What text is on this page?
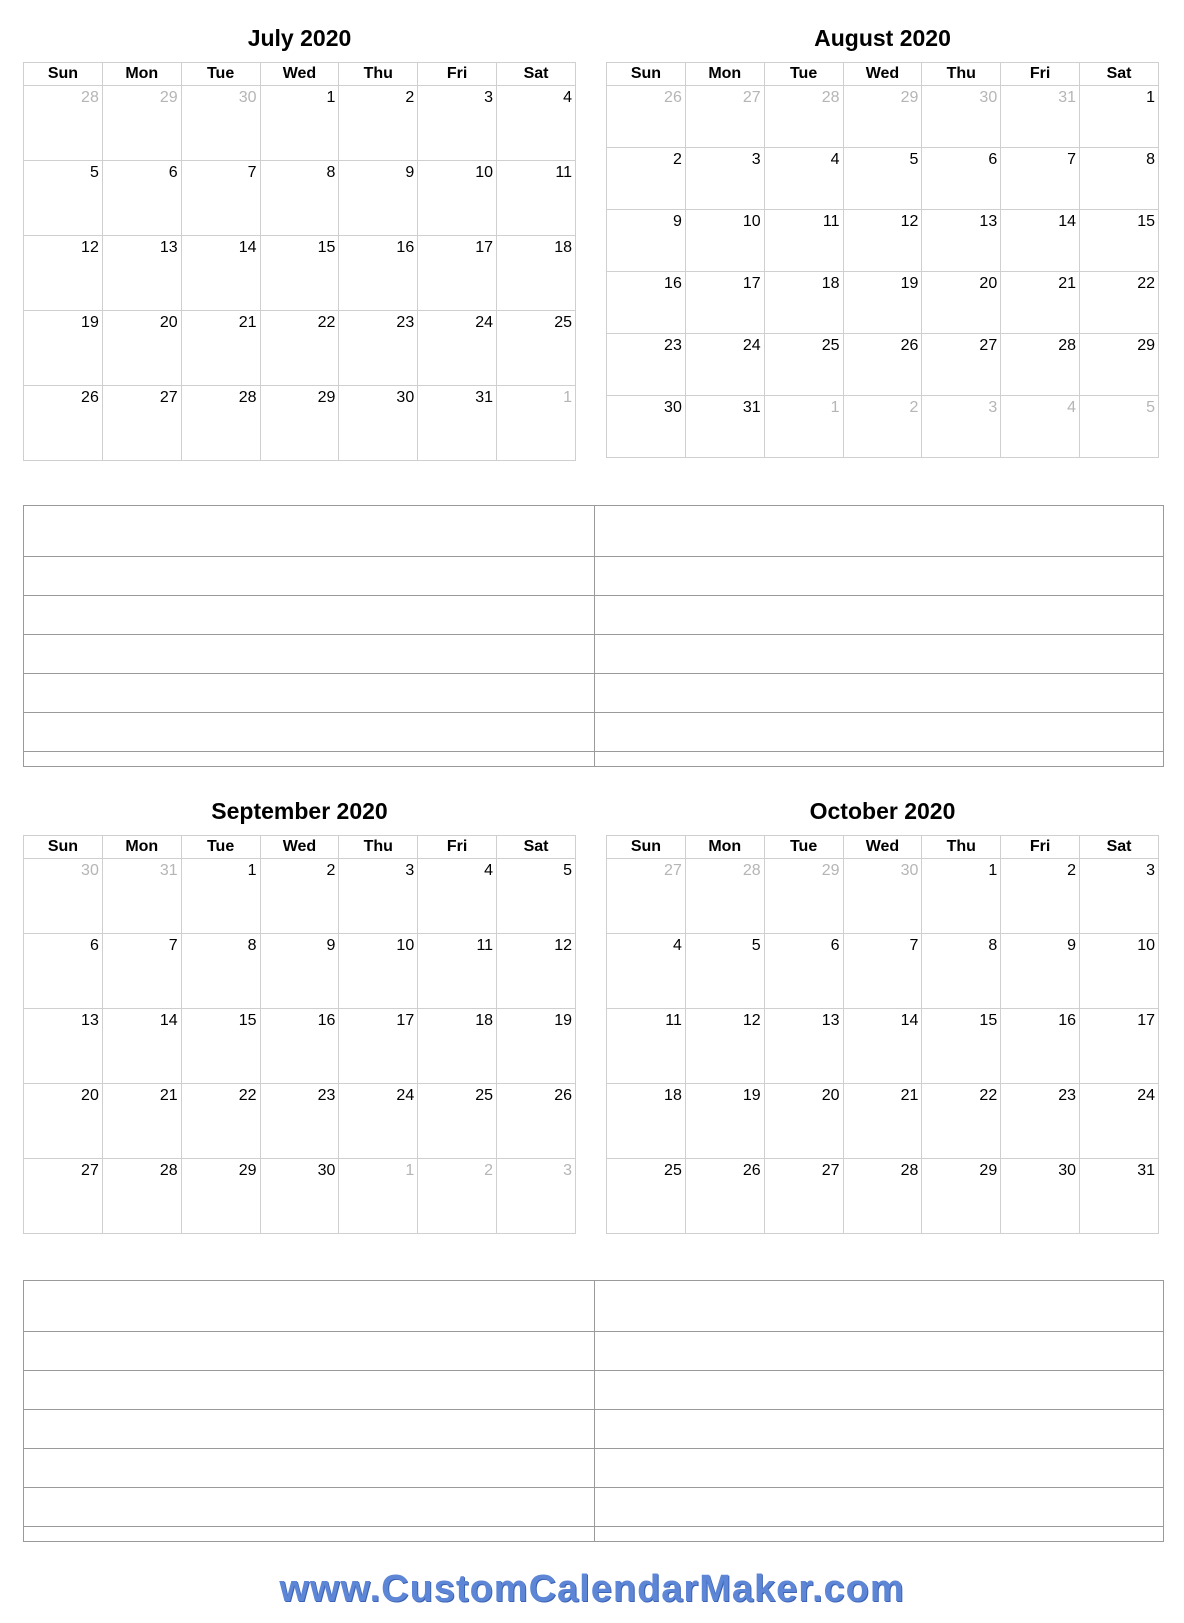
July 2020
Sun	Mon	Tue	Wed	Thu	Fri	Sat
28	29	30	1	2	3	4
5	6	7	8	9	10	11
12	13	14	15	16	17	18
19	20	21	22	23	24	25
26	27	28	29	30	31	1
August 2020
Sun	Mon	Tue	Wed	Thu	Fri	Sat
26	27	28	29	30	31	1
2	3	4	5	6	7	8
9	10	11	12	13	14	15
16	17	18	19	20	21	22
23	24	25	26	27	28	29
30	31	1	2	3	4	5
September 2020
Sun	Mon	Tue	Wed	Thu	Fri	Sat
30	31	1	2	3	4	5
6	7	8	9	10	11	12
13	14	15	16	17	18	19
20	21	22	23	24	25	26
27	28	29	30	1	2	3
October 2020
Sun	Mon	Tue	Wed	Thu	Fri	Sat
27	28	29	30	1	2	3
4	5	6	7	8	9	10
11	12	13	14	15	16	17
18	19	20	21	22	23	24
25	26	27	28	29	30	31
www.CustomCalendarMaker.com
